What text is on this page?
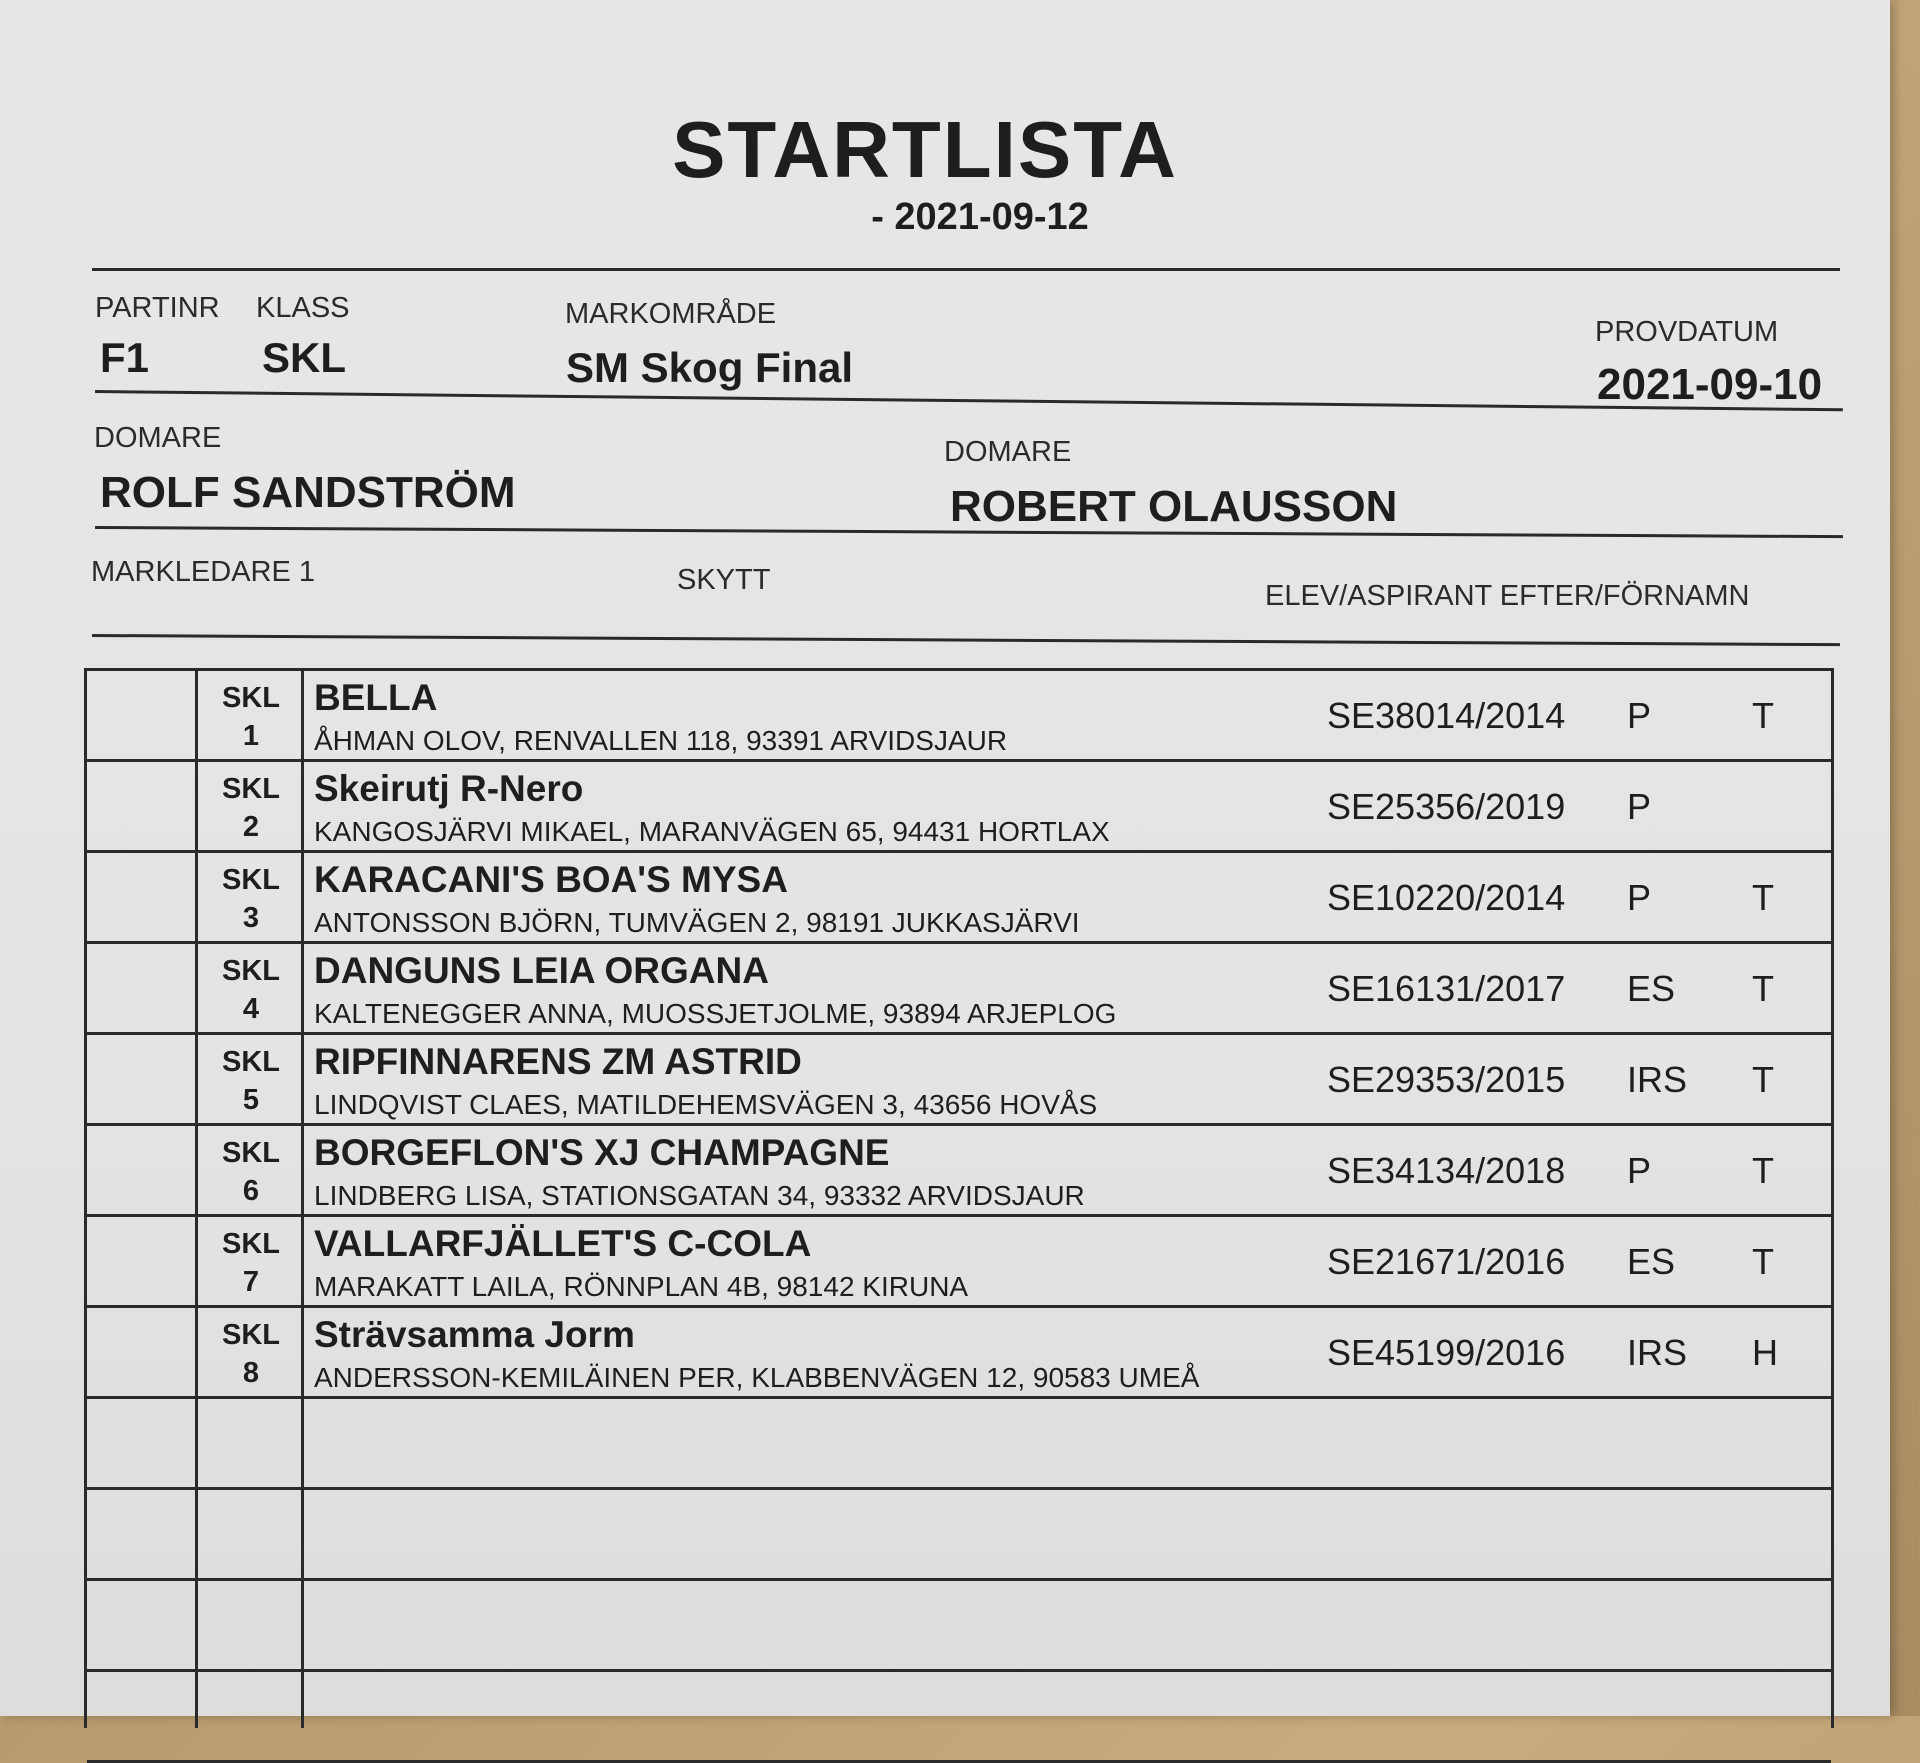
STARTLISTA
- 2021-09-12
PARTINR
F1
KLASS
SKL
MARKOMRÅDE
SM Skog Final
PROVDATUM
2021-09-10
DOMARE
ROLF SANDSTRÖM
DOMARE
ROBERT OLAUSSON
MARKLEDARE 1	SKYTT	ELEV/ASPIRANT EFTER/FÖRNAMN
SKL
1
BELLA
ÅHMAN OLOV, RENVALLEN 118, 93391 ARVIDSJAUR
SE38014/2014 P	T
SKL
2
Skeirutj R-Nero
KANGOSJÄRVI MIKAEL, MARANVÄGEN 65, 94431 HORTLAX
SE25356/2019 P
SKL
3
KARACANI'S BOA'S MYSA
ANTONSSON BJÖRN, TUMVÄGEN 2, 98191 JUKKASJÄRVI
SE10220/2014 P	T
SKL
4
DANGUNS LEIA ORGANA
KALTENEGGER ANNA, MUOSSJETJOLME, 93894 ARJEPLOG
SE16131/2017 ES T
SKL
5
RIPFINNARENS ZM ASTRID
LINDQVIST CLAES, MATILDEHEMSVÄGEN 3, 43656 HOVÅS
SE29353/2015 IRS T
SKL
6
BORGEFLON'S XJ CHAMPAGNE
LINDBERG LISA, STATIONSGATAN 34, 93332 ARVIDSJAUR
SE34134/2018 P	T
SKL
7
VALLARFJÄLLET'S C-COLA
MARAKATT LAILA, RÖNNPLAN 4B, 98142 KIRUNA
SE21671/2016 ES T
SKL
8
Strävsamma Jorm
ANDERSSON-KEMILÄINEN PER, KLABBENVÄGEN 12, 90583 UMEÅ
SE45199/2016 IRS H
